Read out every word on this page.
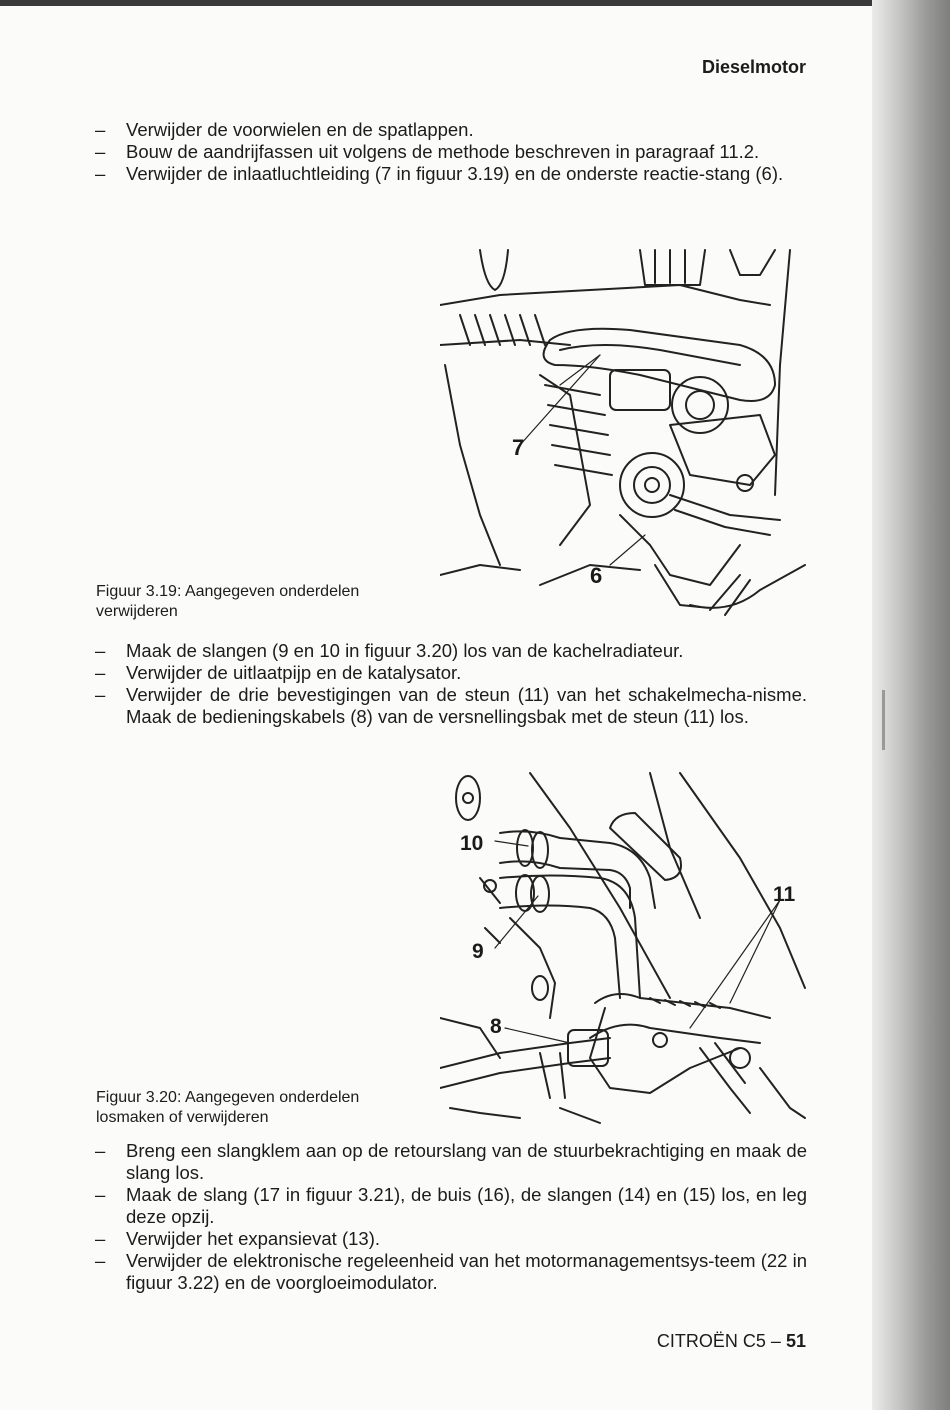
Dieselmotor
– Verwijder de voorwielen en de spatlappen.
– Bouw de aandrijfassen uit volgens de methode beschreven in paragraaf 11.2.
– Verwijder de inlaatluchtleiding (7 in figuur 3.19) en de onderste reactie-stang (6).
7
6
Figuur 3.19: Aangegeven onderdelen verwijderen
– Maak de slangen (9 en 10 in figuur 3.20) los van de kachelradiateur.
– Verwijder de uitlaatpijp en de katalysator.
– Verwijder de drie bevestigingen van de steun (11) van het schakelmecha-nisme. Maak de bedieningskabels (8) van de versnellingsbak met de steun (11) los.
10
11
9
8
Figuur 3.20: Aangegeven onderdelen losmaken of verwijderen
– Breng een slangklem aan op de retourslang van de stuurbekrachtiging en maak de slang los.
– Maak de slang (17 in figuur 3.21), de buis (16), de slangen (14) en (15) los, en leg deze opzij.
– Verwijder het expansievat (13).
– Verwijder de elektronische regeleenheid van het motormanagementsys-teem (22 in figuur 3.22) en de voorgloeimodulator.
CITROËN C5 – 51
